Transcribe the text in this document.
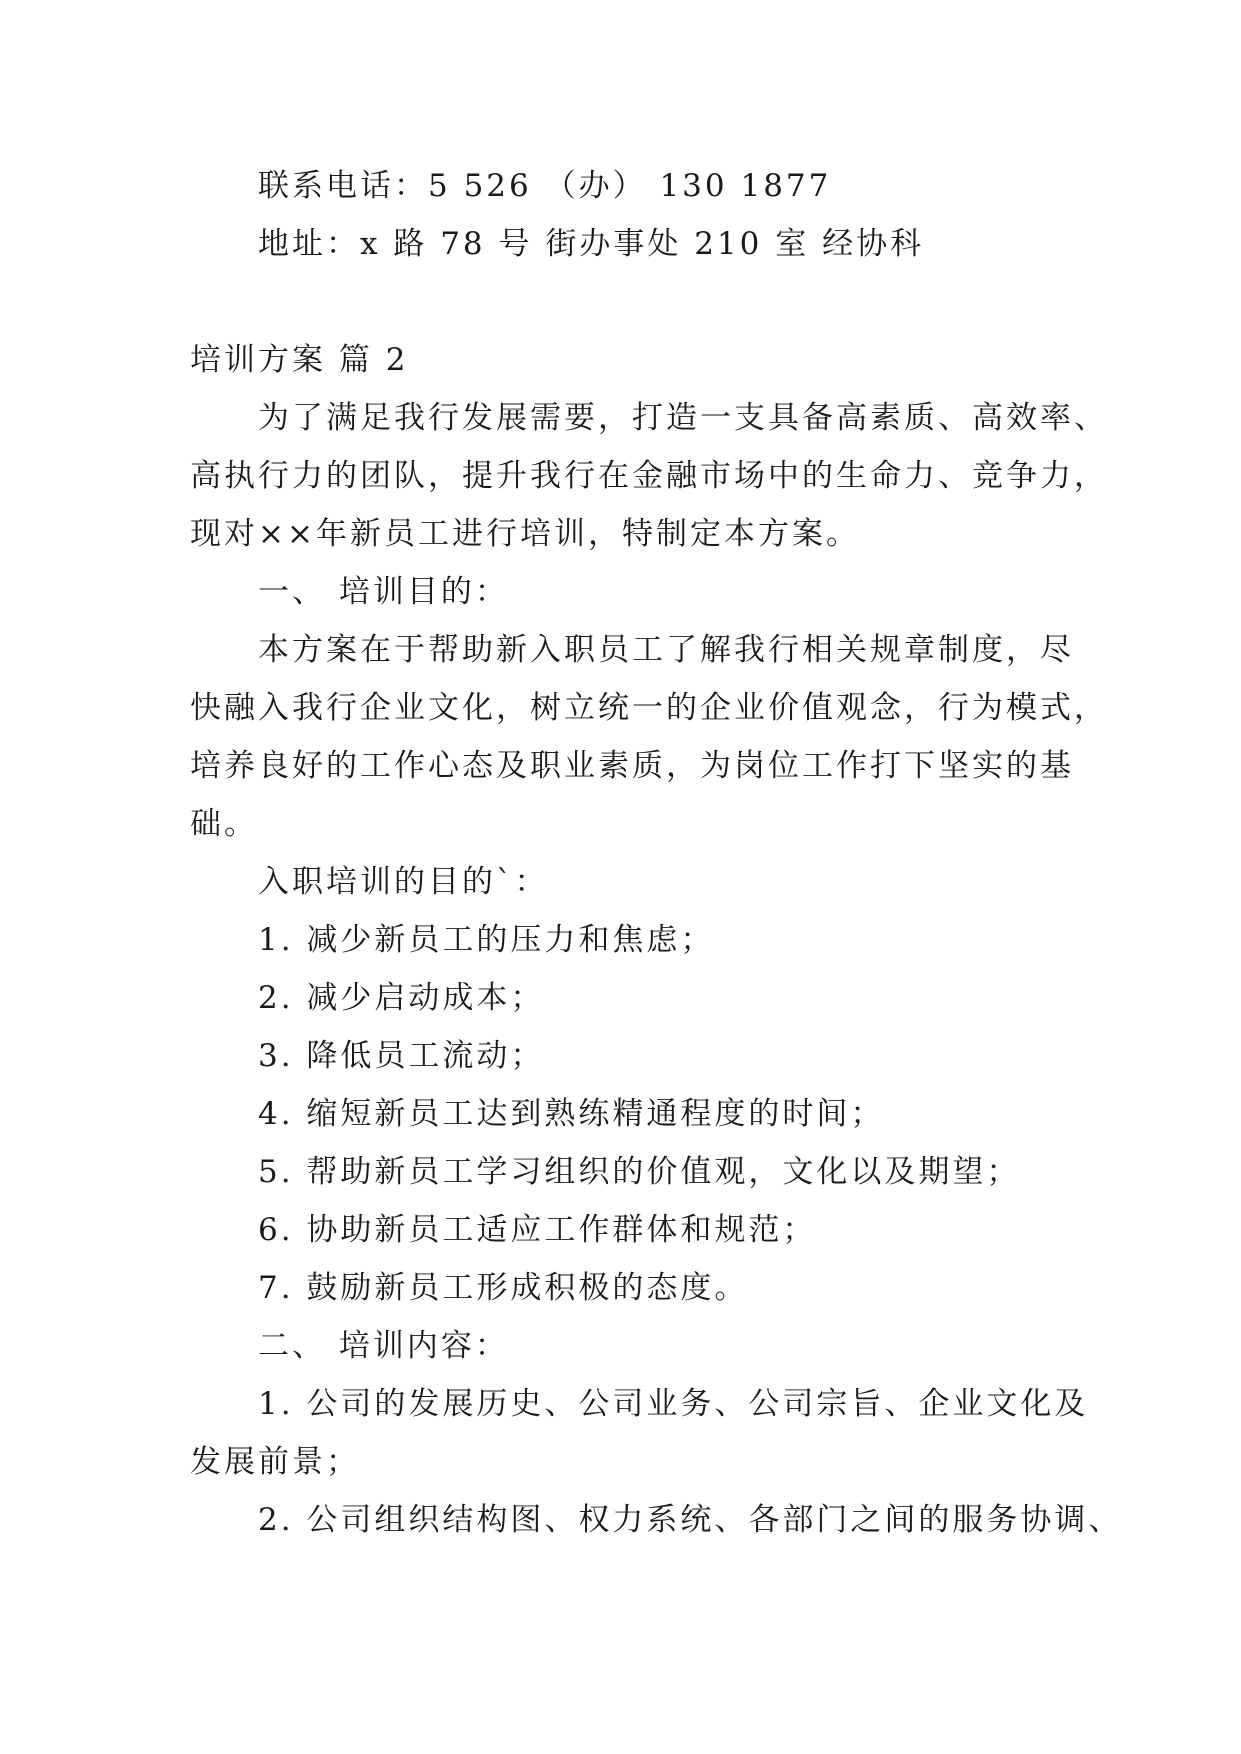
联系电话：5 526 （办） 130 1877
地址：x 路 78 号 街办事处 210 室 经协科
培训方案 篇 2
为了满足我行发展需要，打造一支具备高素质、高效率、
高执行力的团队，提升我行在金融市场中的生命力、竞争力，
现对××年新员工进行培训，特制定本方案。
一、 培训目的：
本方案在于帮助新入职员工了解我行相关规章制度，尽
快融入我行企业文化，树立统一的企业价值观念，行为模式，
培养良好的工作心态及职业素质，为岗位工作打下坚实的基
础。
入职培训的目的`：
1. 减少新员工的压力和焦虑；
2. 减少启动成本；
3. 降低员工流动；
4. 缩短新员工达到熟练精通程度的时间；
5. 帮助新员工学习组织的价值观，文化以及期望；
6. 协助新员工适应工作群体和规范；
7. 鼓励新员工形成积极的态度。
二、 培训内容：
1. 公司的发展历史、公司业务、公司宗旨、企业文化及
发展前景；
2. 公司组织结构图、权力系统、各部门之间的服务协调、
